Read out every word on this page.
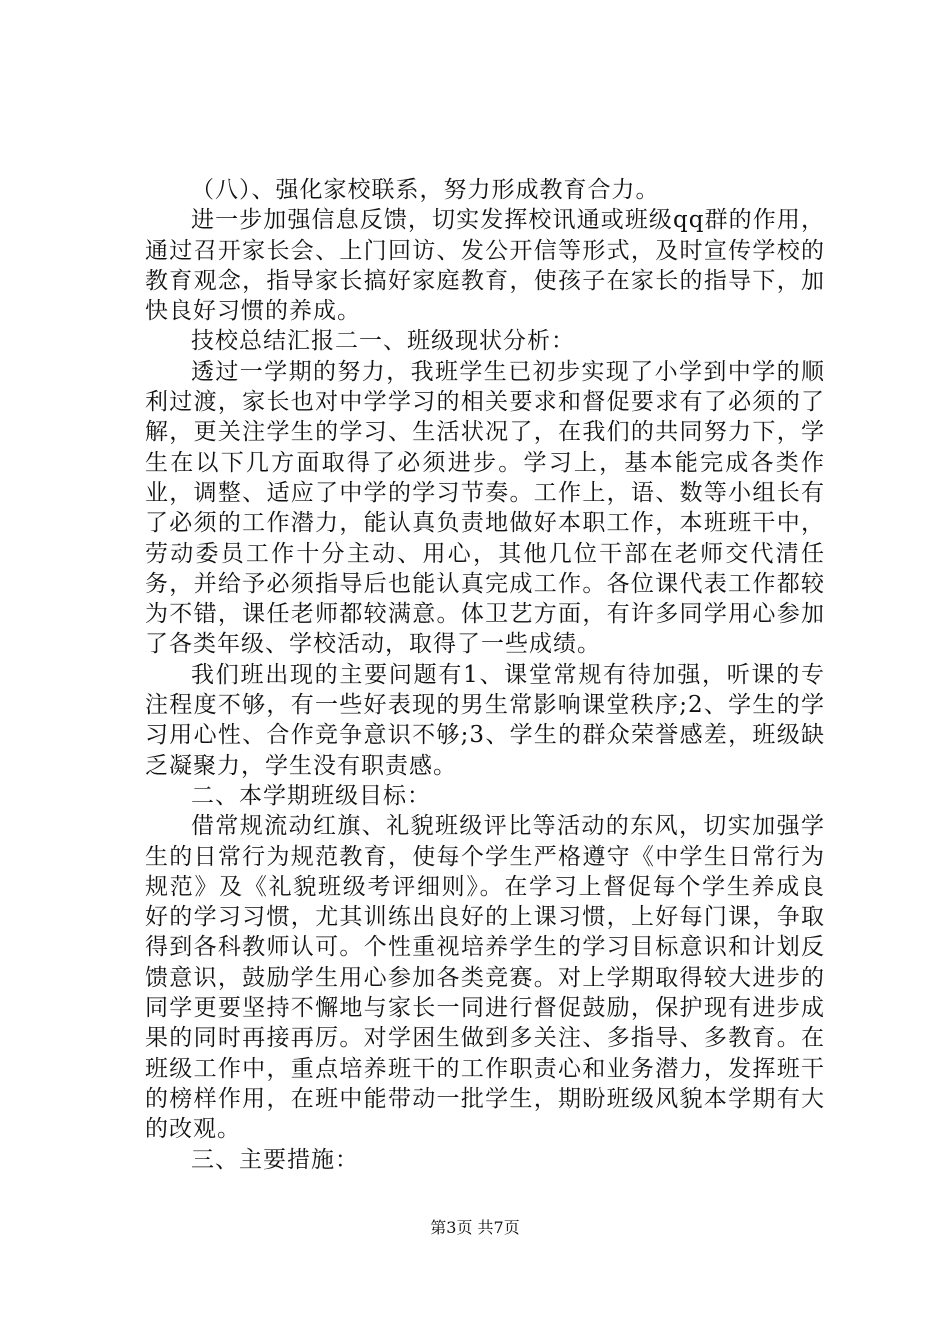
（八）、强化家校联系，努力形成教育合力。

进一步加强信息反馈，切实发挥校讯通或班级qq群的作用，通过召开家长会、上门回访、发公开信等形式，及时宣传学校的教育观念，指导家长搞好家庭教育，使孩子在家长的指导下，加快良好习惯的养成。

技校总结汇报二一、班级现状分析：

透过一学期的努力，我班学生已初步实现了小学到中学的顺利过渡，家长也对中学学习的相关要求和督促要求有了必须的了解，更关注学生的学习、生活状况了，在我们的共同努力下，学生在以下几方面取得了必须进步。学习上，基本能完成各类作业，调整、适应了中学的学习节奏。工作上，语、数等小组长有了必须的工作潜力，能认真负责地做好本职工作，本班班干中，劳动委员工作十分主动、用心，其他几位干部在老师交代清任务，并给予必须指导后也能认真完成工作。各位课代表工作都较为不错，课任老师都较满意。体卫艺方面，有许多同学用心参加了各类年级、学校活动，取得了一些成绩。

我们班出现的主要问题有1、课堂常规有待加强，听课的专注程度不够，有一些好表现的男生常影响课堂秩序;2、学生的学习用心性、合作竞争意识不够;3、学生的群众荣誉感差，班级缺乏凝聚力，学生没有职责感。

二、本学期班级目标：

借常规流动红旗、礼貌班级评比等活动的东风，切实加强学生的日常行为规范教育，使每个学生严格遵守《中学生日常行为规范》及《礼貌班级考评细则》。在学习上督促每个学生养成良好的学习习惯，尤其训练出良好的上课习惯，上好每门课，争取得到各科教师认可。个性重视培养学生的学习目标意识和计划反馈意识，鼓励学生用心参加各类竞赛。对上学期取得较大进步的同学更要坚持不懈地与家长一同进行督促鼓励，保护现有进步成果的同时再接再厉。对学困生做到多关注、多指导、多教育。在班级工作中，重点培养班干的工作职责心和业务潜力，发挥班干的榜样作用，在班中能带动一批学生，期盼班级风貌本学期有大的改观。

三、主要措施：

第3页 共7页
